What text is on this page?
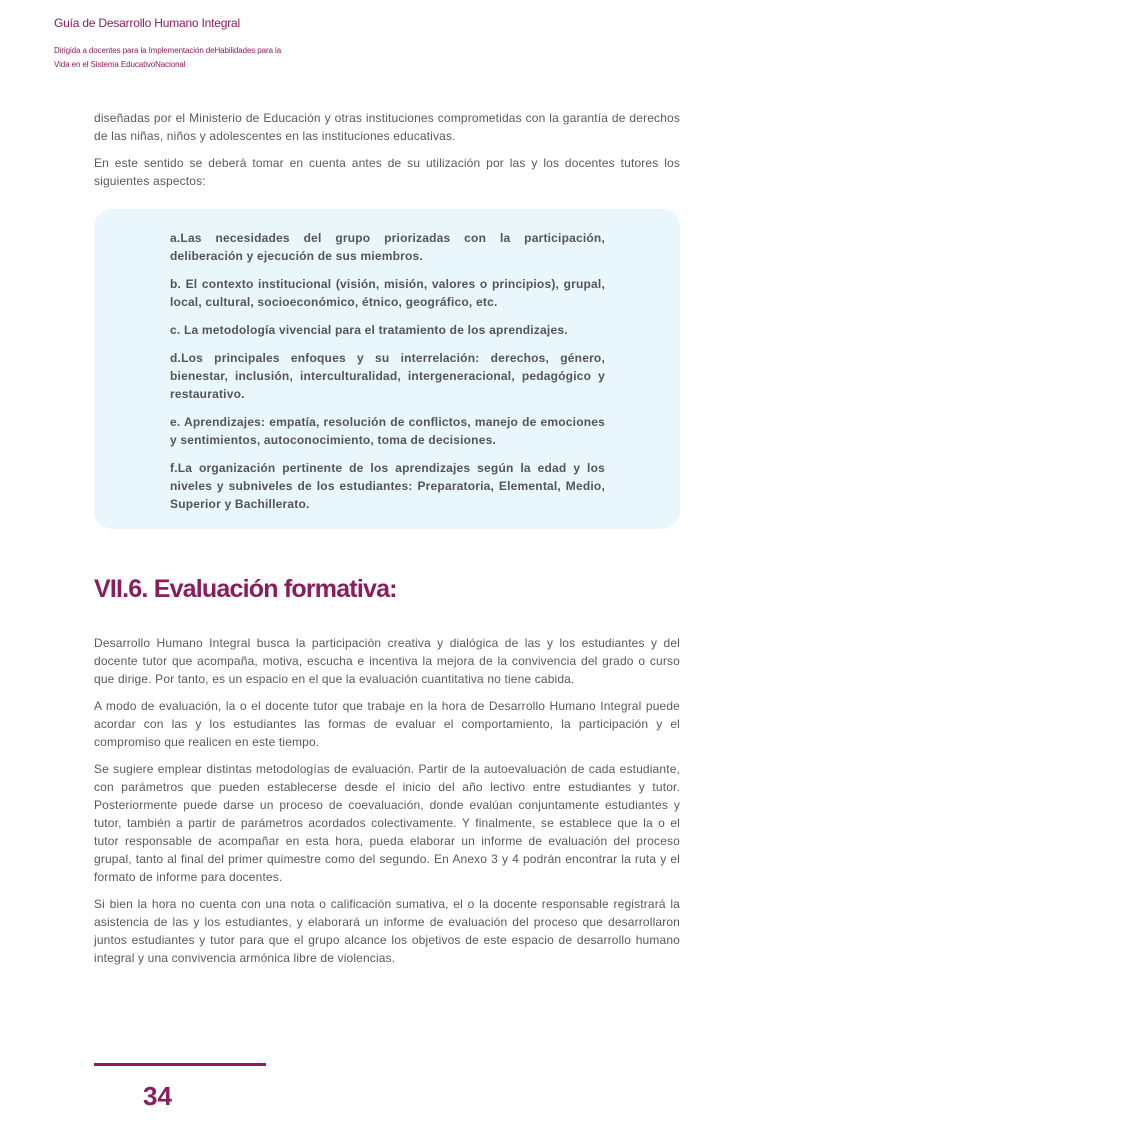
Guía de Desarrollo Humano Integral
Dirigida a docentes para la Implementación deHabilidades para la
Vida en el Sistema EducativoNacional

diseñadas por el Ministerio de Educación y otras instituciones comprometidas con la garantía de derechos de las niñas, niños y adolescentes en las instituciones educativas.

En este sentido se deberá tomar en cuenta antes de su utilización por las y los docentes tutores los siguientes aspectos:

a.Las necesidades del grupo priorizadas con la participación, deliberación y ejecución de sus miembros.

b. El contexto institucional (visión, misión, valores o principios), grupal, local, cultural, socioeconómico, étnico, geográfico, etc.

c. La metodología vivencial para el tratamiento de los aprendizajes.

d.Los principales enfoques y su interrelación: derechos, género, bienestar, inclusión, interculturalidad, intergeneracional, pedagógico y restaurativo.

e. Aprendizajes: empatía, resolución de conflictos, manejo de emociones y sentimientos, autoconocimiento, toma de decisiones.

f.La organización pertinente de los aprendizajes según la edad y los niveles y subniveles de los estudiantes: Preparatoria, Elemental, Medio, Superior y Bachillerato.

VII.6. Evaluación formativa:

Desarrollo Humano Integral busca la participación creativa y dialógica de las y los estudiantes y del docente tutor que acompaña, motiva, escucha e incentiva la mejora de la convivencia del grado o curso que dirige. Por tanto, es un espacio en el que la evaluación cuantitativa no tiene cabida.

A modo de evaluación, la o el docente tutor que trabaje en la hora de Desarrollo Humano Integral puede acordar con las y los estudiantes las formas de evaluar el comportamiento, la participación y el compromiso que realicen en este tiempo.

Se sugiere emplear distintas metodologías de evaluación. Partir de la autoevaluación de cada estudiante, con parámetros que pueden establecerse desde el inicio del año lectivo entre estudiantes y tutor. Posteriormente puede darse un proceso de coevaluación, donde evalúan conjuntamente estudiantes y tutor, también a partir de parámetros acordados colectivamente. Y finalmente, se establece que la o el tutor responsable de acompañar en esta hora, pueda elaborar un informe de evaluación del proceso grupal, tanto al final del primer quimestre como del segundo. En Anexo 3 y 4 podrán encontrar la ruta y el formato de informe para docentes.

Si bien la hora no cuenta con una nota o calificación sumativa, el o la docente responsable registrará la asistencia de las y los estudiantes, y elaborará un informe de evaluación del proceso que desarrollaron juntos estudiantes y tutor para que el grupo alcance los objetivos de este espacio de desarrollo humano integral y una convivencia armónica libre de violencias.

34
